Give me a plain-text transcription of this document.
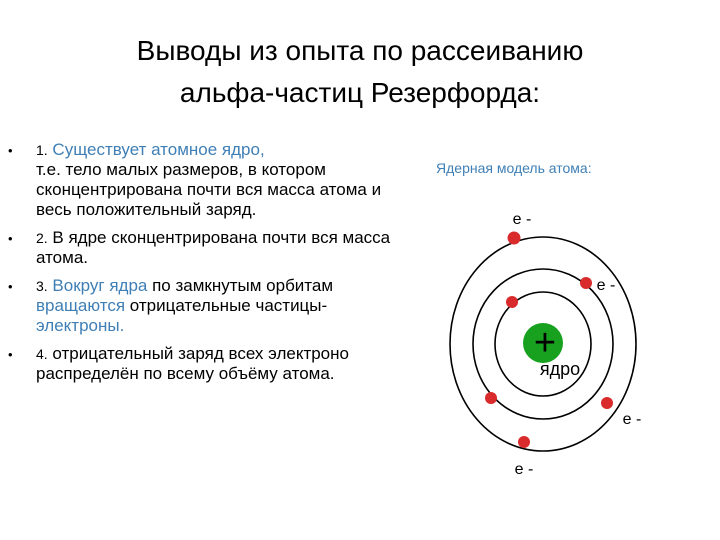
Выводы из опыта по рассеиванию
альфа-частиц Резерфорда:
• 1. Существует атомное ядро,
т.е. тело малых размеров, в котором сконцентрирована почти вся масса атома и весь положительный заряд.
• 2. В ядре сконцентрирована почти вся масса атома.
• 3. Вокруг ядра по замкнутым орбитам вращаются отрицательные частицы- электроны.
• 4. отрицательный заряд всех электроно распределён по всему объёму атома.

Ядерная модель атома:

+
ядро
e -
e -
e -
e -
